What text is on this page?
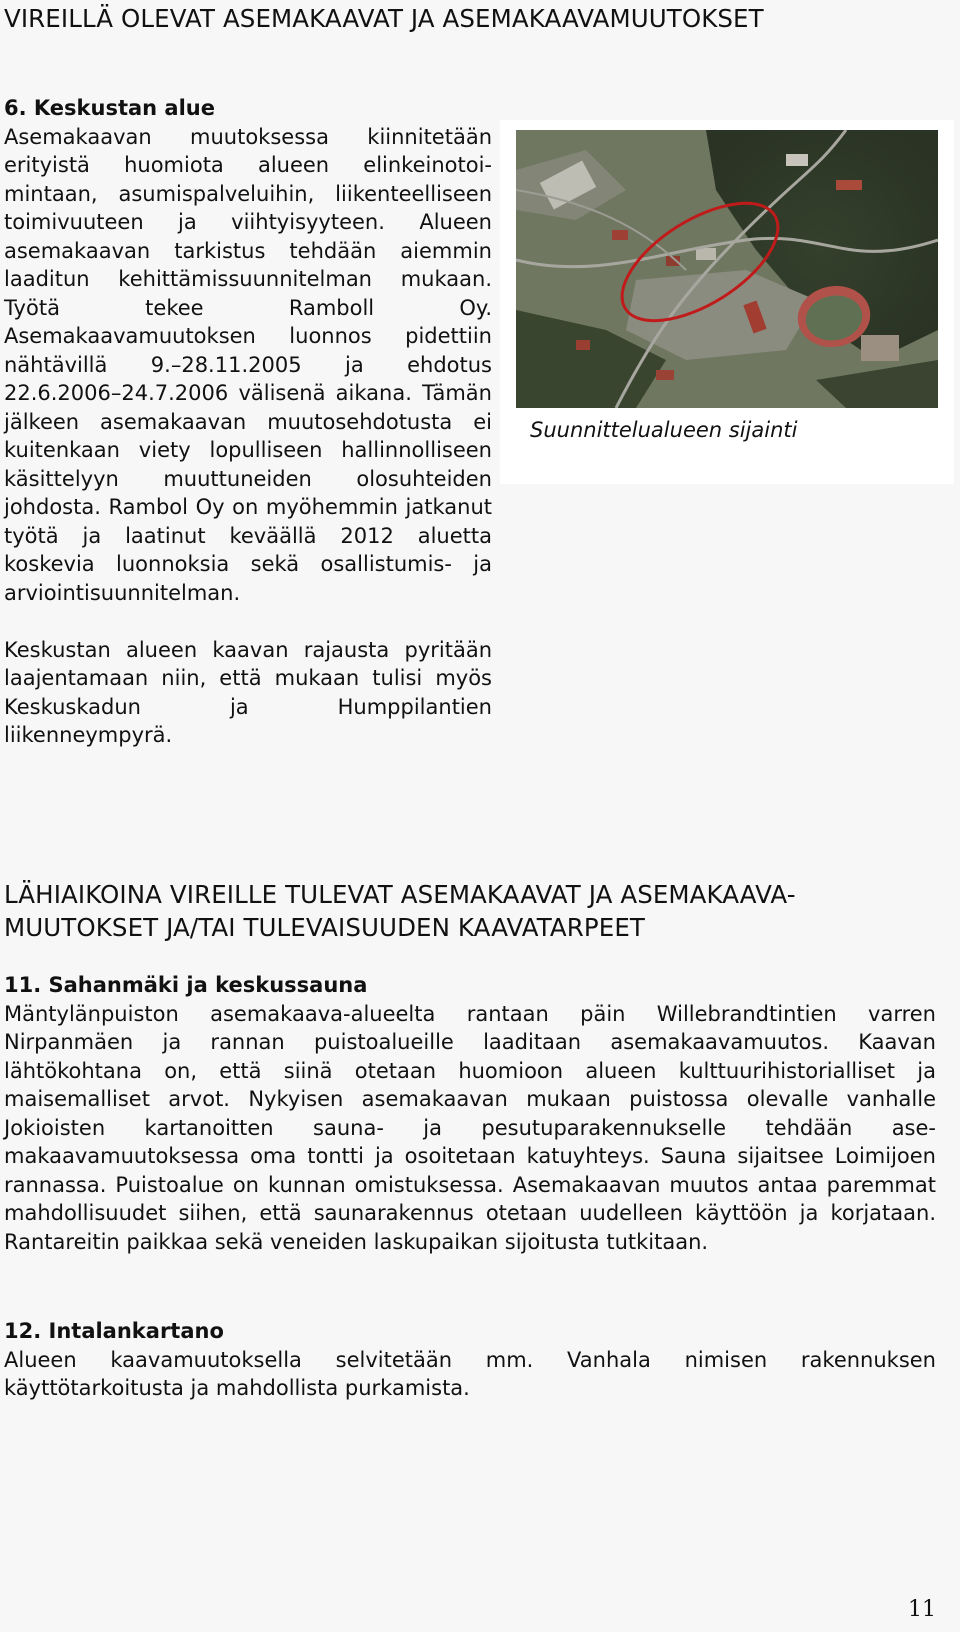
VIREILLÄ OLEVAT ASEMAKAAVAT JA ASEMAKAAVAMUUTOKSET
6. Keskustan alue

Asemakaavan muutoksessa kiinnitetään erityistä huomiota alueen elinkeinotoimintaan, asumispalveluihin, liikenteelliseen toimivuuteen ja viihtyisyyteen. Alueen asemakaavan tarkistus tehdään aiemmin laaditun kehittämissuunnitelman mukaan. Työtä tekee Ramboll Oy. Asemakaavamuutoksen luonnos pidettiin nähtävillä 9.–28.11.2005 ja ehdotus 22.6.2006–24.7.2006 välisenä aikana. Tämän jälkeen asemakaavan muutosehdotusta ei kuitenkaan viety lopulliseen hallinnolliseen käsittelyyn muuttuneiden olosuhteiden johdosta. Rambol Oy on myöhemmin jatkanut työtä ja laatinut keväällä 2012 aluetta koskevia luonnoksia sekä osallistumis- ja arviointisuunnitelman.

Keskustan alueen kaavan rajausta pyritään laajentamaan niin, että mukaan tulisi myös Keskuskadun ja Humppilantien liikenneympyrä.

Suunnittelualueen sijainti

LÄHIAIKOINA VIREILLE TULEVAT ASEMAKAAVAT JA ASEMAKAAVA-MUUTOKSET JA/TAI TULEVAISUUDEN KAAVATARPEET
11. Sahanmäki ja keskussauna

Mäntylänpuiston asemakaava-alueelta rantaan päin Willebrandtintien varren Nirpanmäen ja rannan puistoalueille laaditaan asemakaavamuutos. Kaavan lähtökohtana on, että siinä otetaan huomioon alueen kulttuurihistorialliset ja maisemalliset arvot. Nykyisen asemakaavan mukaan puistossa olevalle vanhalle Jokioisten kartanoitten sauna- ja pesutuparakennukselle tehdään asemakaavamuutoksessa oma tontti ja osoitetaan katuyhteys. Sauna sijaitsee Loimijoen rannassa. Puistoalue on kunnan omistuksessa. Asemakaavan muutos antaa paremmat mahdollisuudet siihen, että saunarakennus otetaan uudelleen käyttöön ja korjataan. Rantareitin paikkaa sekä veneiden laskupaikan sijoitusta tutkitaan.

12. Intalankartano

Alueen kaavamuutoksella selvitetään mm. Vanhala nimisen rakennuksen käyttötarkoitusta ja mahdollista purkamista.

11
